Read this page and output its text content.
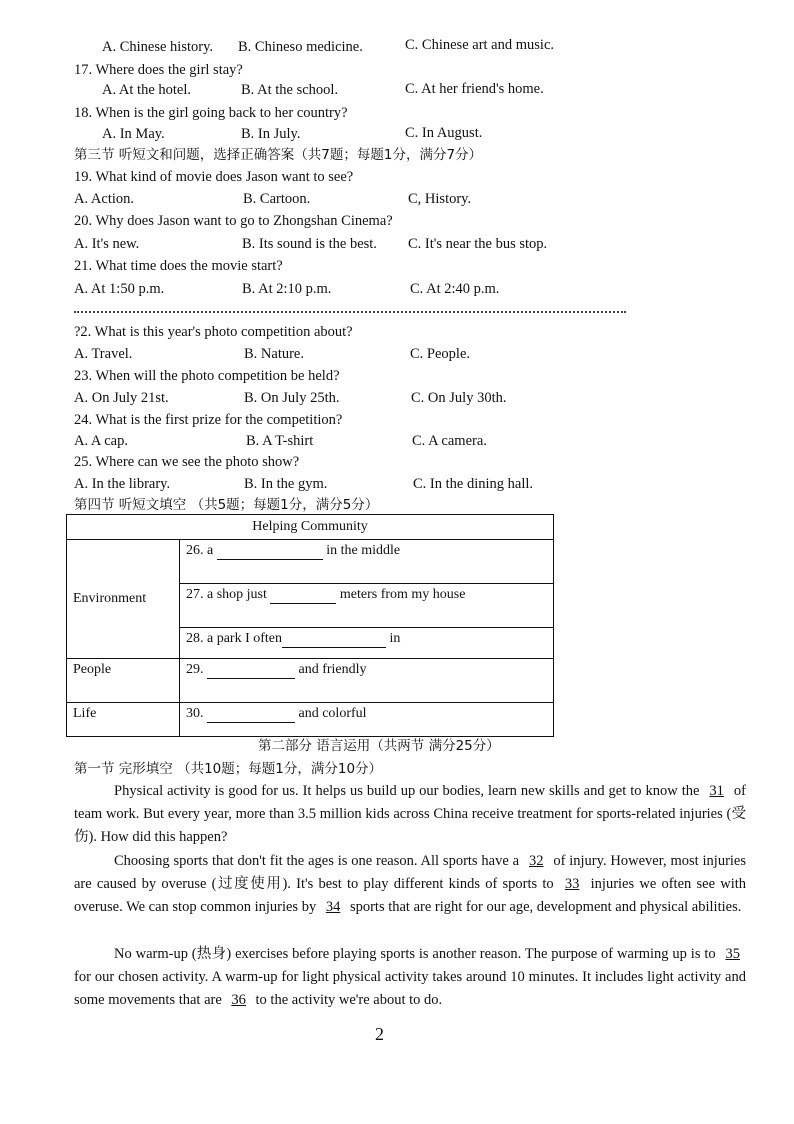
A. Chinese history. B. Chineso medicine.	C. Chinese art and music.
17. Where does the girl stay?
A. At the hotel.	B. At the school.	C. At her friend's home.
18. When is the girl going back to her country?
A. In May.	B. In July.	C. In August.
第三节 听短文和问题，选择正确答案（共7题；每题1分，满分7分）
19. What kind of movie does Jason want to see?
A. Action.	B. Cartoon.	C, History.
20. Why does Jason want to go to Zhongshan Cinema?
A. It's new.	B. Its sound is the best. C. It's near the bus stop.
21. What time does the movie start?
A. At 1:50 p.m.	B. At 2:10 p.m.	C. At 2:40 p.m.
?2. What is this year's photo competition about?
A. Travel.	B. Nature.	C. People.
23. When will the photo competition be held?
A. On July 21st.	B. On July 25th.	C. On July 30th.
24. What is the first prize for the competition?
A. A cap.	B. A T-shirt	C. A camera.
25. Where can we see the photo show?
A. In the library.	B. In the gym.	C. In the dining hall.
第四节 听短文填空 （共5题；每题1分，满分5分）
Helping Community	
Environment	26. a in the middle
	27. a shop just meters from my house
	28. a park I often in
People	29. and friendly
Life	30. and colorful
第二部分 语言运用（共两节 满分25分）
第一节 完形填空 （共10题；每题1分，满分10分）
Physical activity is good for us. It helps us build up our bodies, learn new skills and get to know the 31 of team work. But every year, more than 3.5 million kids across China receive treatment for sports-related injuries (受伤). How did this happen?
Choosing sports that don't fit the ages is one reason. All sports have a 32 of injury. However, most injuries are caused by overuse (过度使用). It's best to play different kinds of sports to 33 injuries we often see with overuse. We can stop common injuries by 34 sports that are right for our age, development and physical abilities.
No warm-up (热身) exercises before playing sports is another reason. The purpose of warming up is to 35 for our chosen activity. A warm-up for light physical activity takes around 10 minutes. It includes light activity and some movements that are 36 to the activity we're about to do.
2
